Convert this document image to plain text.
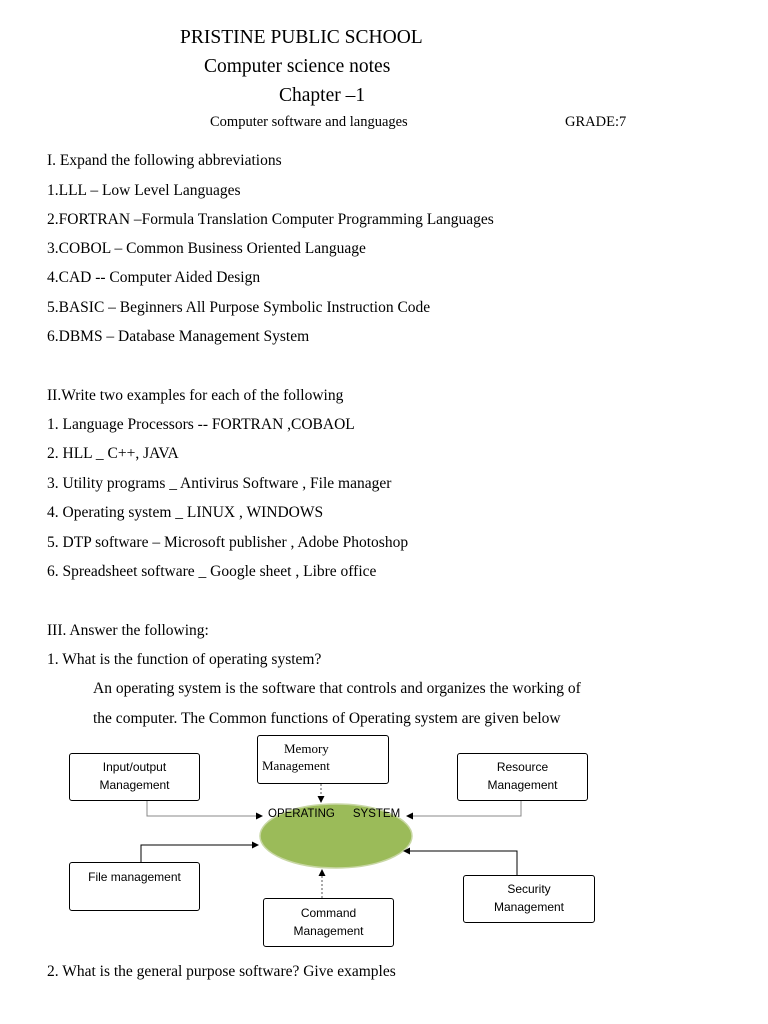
PRISTINE PUBLIC SCHOOL
Computer science notes
Chapter –1
Computer software and languages	GRADE:7
I. Expand the following abbreviations
1.LLL – Low Level Languages
2.FORTRAN –Formula Translation Computer Programming Languages
3.COBOL – Common Business Oriented Language
4.CAD -- Computer Aided Design
5.BASIC – Beginners All Purpose Symbolic Instruction Code
6.DBMS – Database Management System
II.Write two examples for each of the following
1. Language Processors -- FORTRAN ,COBAOL
2. HLL _ C++, JAVA
3. Utility programs _ Antivirus Software , File manager
4. Operating system _ LINUX , WINDOWS
5. DTP software – Microsoft publisher , Adobe Photoshop
6. Spreadsheet software _ Google sheet , Libre office
III. Answer the following:
1. What is the function of operating system?
An operating system is the software that controls and organizes the working of
the computer. The Common functions of Operating system are given below
OPERATING SYSTEM
Input/output
Management
Memory
Management	Resource
Management
File management
Command
Management
Security
Management
2. What is the general purpose software? Give examples
